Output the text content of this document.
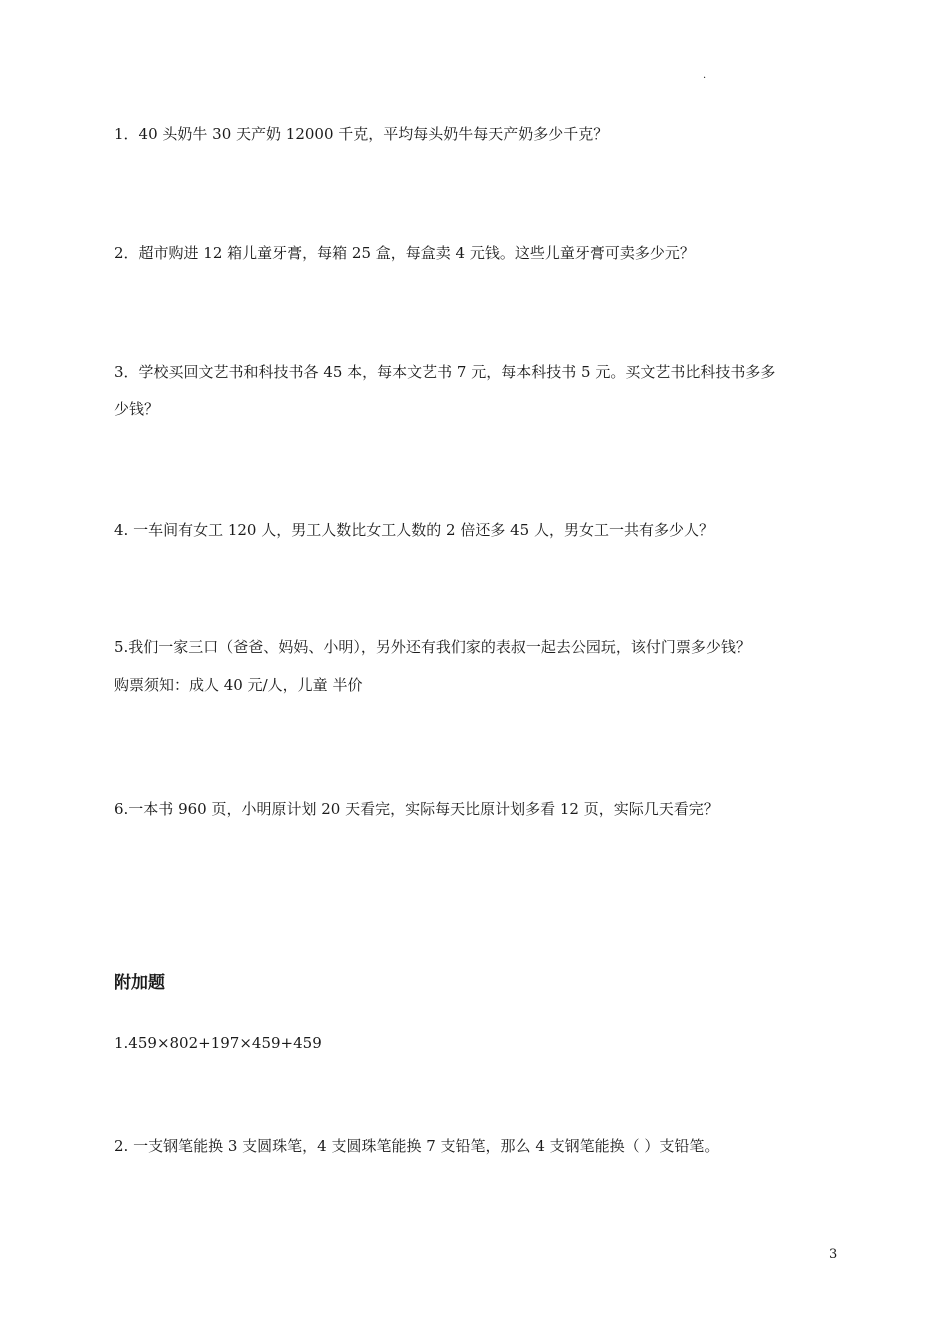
.
1．40 头奶牛 30 天产奶 12000 千克，平均每头奶牛每天产奶多少千克？
2．超市购进 12 箱儿童牙膏，每箱 25 盒，每盒卖 4 元钱。这些儿童牙膏可卖多少元？
3．学校买回文艺书和科技书各 45 本，每本文艺书 7 元，每本科技书 5 元。买文艺书比科技书多多
少钱？
4. 一车间有女工 120 人，男工人数比女工人数的 2 倍还多 45 人，男女工一共有多少人？
5.我们一家三口（爸爸、妈妈、小明），另外还有我们家的表叔一起去公园玩，该付门票多少钱？
购票须知：成人 40 元/人，儿童 半价
6.一本书 960 页，小明原计划 20 天看完，实际每天比原计划多看 12 页，实际几天看完？
附加题
1.459×802+197×459+459
2. 一支钢笔能换 3 支圆珠笔，4 支圆珠笔能换 7 支铅笔，那么 4 支钢笔能换（ ）支铅笔。
3
